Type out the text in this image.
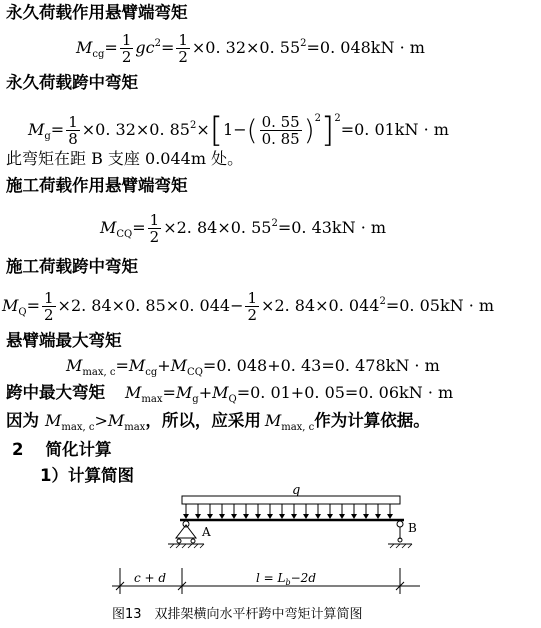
永久荷载作用悬臂端弯矩
$M_{cg}= \frac{1}{2} gc^2= \frac{1}{2} \times 0$. 32×0. $55^2=0$. 048kN · m
永久荷载跨中弯矩
$M_g= \frac{1}{8} \times 0$. 32×0. $85^2\times[1-( \frac{0. 55}{0. 85} )^2]^2=0$. 01kN · m
此弯矩在距 B 支座 0.044m 处。
施工荷载作用悬臂端弯矩
$M_{CQ}= \frac{1}{2} \times 2$. 84×0. $55^2=0$. 43kN · m
施工荷载跨中弯矩
$M_Q= \frac{1}{2} \times 2$. 84×0. 85×0. $044- \frac{1}{2} \times 2$. 84×0. $044^2=0$. 05kN · m
悬臂端最大弯矩
$M_{max, c}=M_{cg}+M_{CQ}=0$. 048+0. 43=0. 478kN · m
跨中最大弯矩 $M_{max}=M_g+M_Q=0$. 01+0. 05=0. 06kN · m
因为 $M_{max, c}>M_{max}$，所以，应采用 $M_{max, c}$作为计算依据。
2 简化计算
1）计算简图
q
A	B
c + d	$l = L_b-2d$
图13　双排架横向水平杆跨中弯矩计算简图
